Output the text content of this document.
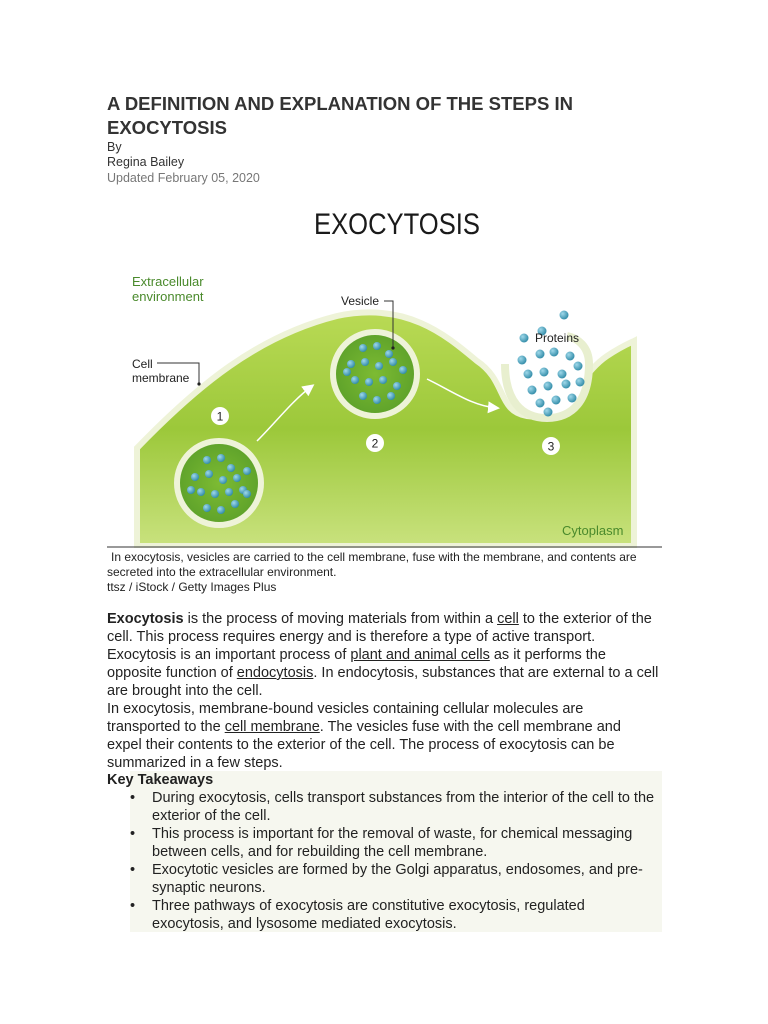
A DEFINITION AND EXPLANATION OF THE STEPS IN EXOCYTOSIS
By
Regina Bailey
Updated February 05, 2020
EXOCYTOSIS
1
2	3
Extracellular
environment	Vesicle
Proteins
Cell
membrane
Cytoplasm
In exocytosis, vesicles are carried to the cell membrane, fuse with the membrane, and contents are secreted into the extracellular environment.
ttsz / iStock / Getty Images Plus

Exocytosis is the process of moving materials from within a cell to the exterior of the cell. This process requires energy and is therefore a type of active transport. Exocytosis is an important process of plant and animal cells as it performs the opposite function of endocytosis. In endocytosis, substances that are external to a cell are brought into the cell.

In exocytosis, membrane-bound vesicles containing cellular molecules are transported to the cell membrane. The vesicles fuse with the cell membrane and expel their contents to the exterior of the cell. The process of exocytosis can be summarized in a few steps.

Key Takeaways
• During exocytosis, cells transport substances from the interior of the cell to the exterior of the cell.
• This process is important for the removal of waste, for chemical messaging between cells, and for rebuilding the cell membrane.
• Exocytotic vesicles are formed by the Golgi apparatus, endosomes, and pre-synaptic neurons.
• Three pathways of exocytosis are constitutive exocytosis, regulated exocytosis, and lysosome mediated exocytosis.
